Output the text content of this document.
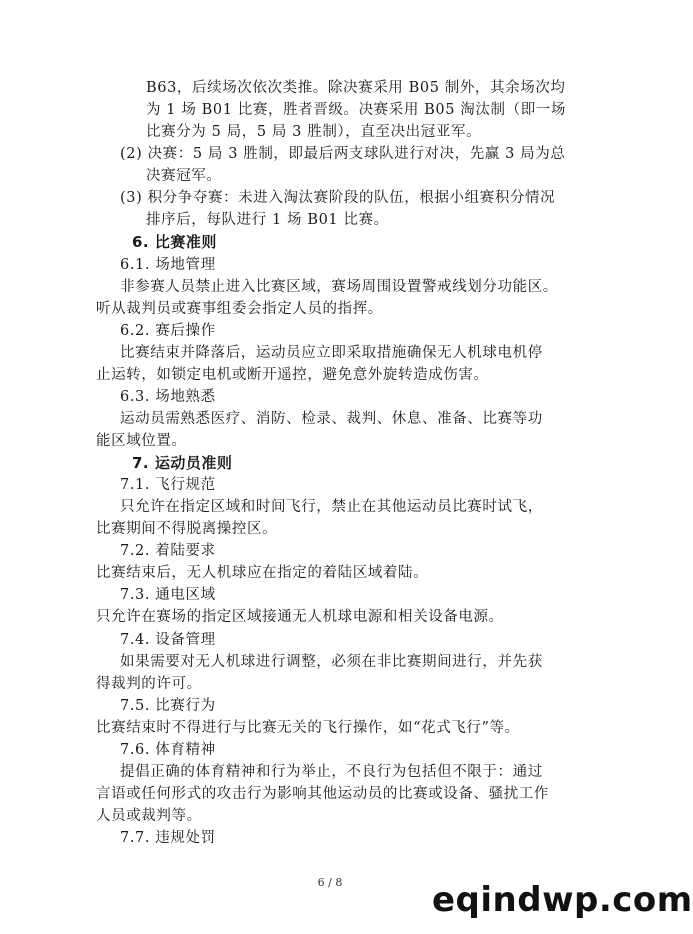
B63，后续场次依次类推。除决赛采用 B05 制外，其余场次均
为 1 场 B01 比赛，胜者晋级。决赛采用 B05 淘汰制（即一场
比赛分为 5 局，5 局 3 胜制），直至决出冠亚军。
(2) 决赛：5 局 3 胜制，即最后两支球队进行对决，先赢 3 局为总
决赛冠军。
(3) 积分争夺赛：未进入淘汰赛阶段的队伍，根据小组赛积分情况
排序后，每队进行 1 场 B01 比赛。
6. 比赛准则
6.1. 场地管理
非参赛人员禁止进入比赛区域，赛场周围设置警戒线划分功能区。
听从裁判员或赛事组委会指定人员的指挥。
6.2. 赛后操作
比赛结束并降落后，运动员应立即采取措施确保无人机球电机停
止运转，如锁定电机或断开遥控，避免意外旋转造成伤害。
6.3. 场地熟悉
运动员需熟悉医疗、消防、检录、裁判、休息、准备、比赛等功
能区域位置。
7. 运动员准则
7.1. 飞行规范
只允许在指定区域和时间飞行，禁止在其他运动员比赛时试飞，
比赛期间不得脱离操控区。
7.2. 着陆要求
比赛结束后，无人机球应在指定的着陆区域着陆。
7.3. 通电区域
只允许在赛场的指定区域接通无人机球电源和相关设备电源。
7.4. 设备管理
如果需要对无人机球进行调整，必须在非比赛期间进行，并先获
得裁判的许可。
7.5. 比赛行为
比赛结束时不得进行与比赛无关的飞行操作，如“花式飞行”等。
7.6. 体育精神
提倡正确的体育精神和行为举止，不良行为包括但不限于：通过
言语或任何形式的攻击行为影响其他运动员的比赛或设备、骚扰工作
人员或裁判等。
7.7. 违规处罚
6 / 8	eqindwp.com
